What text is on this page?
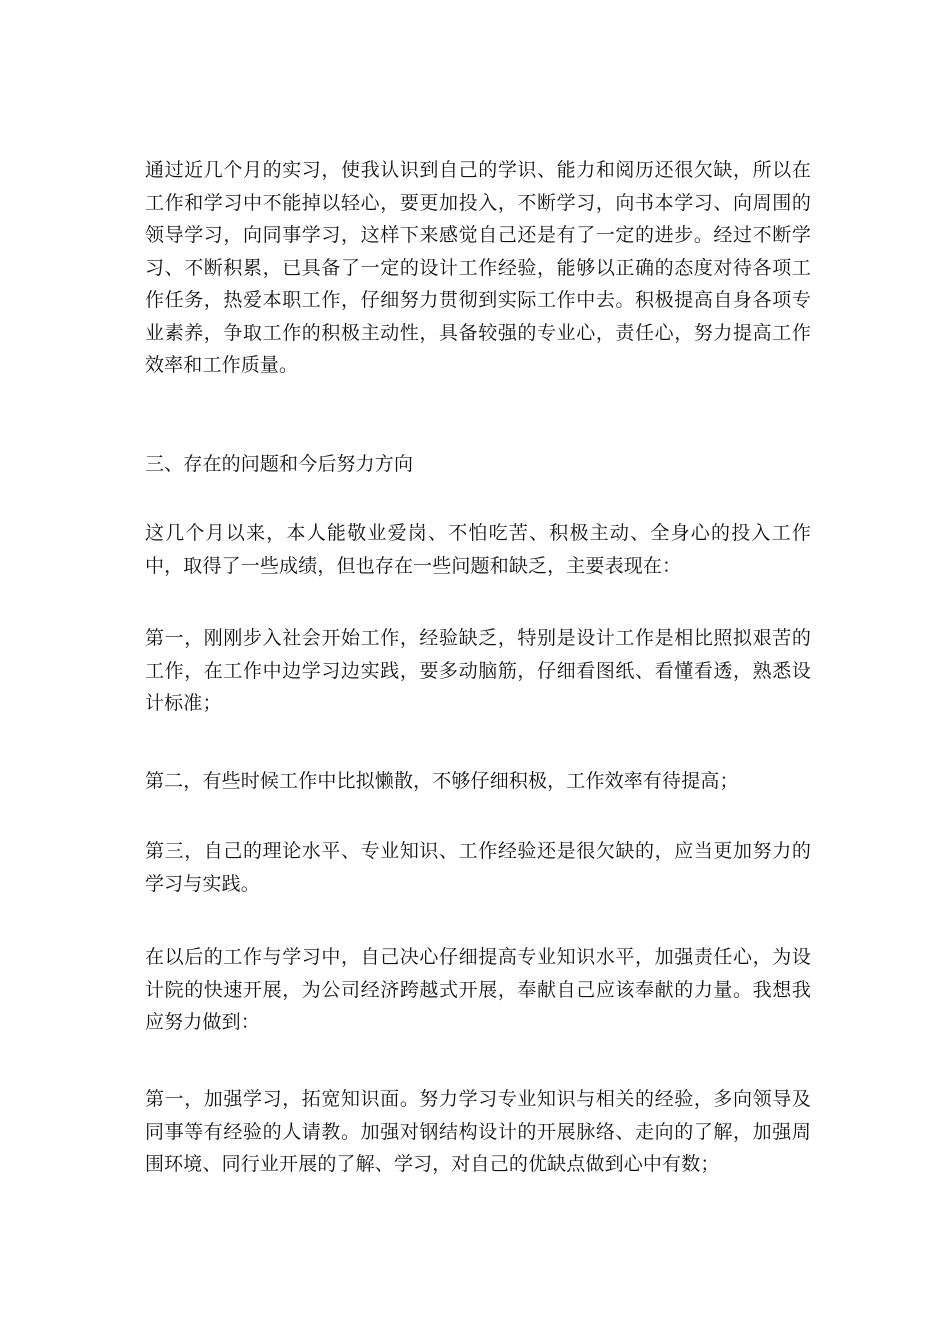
通过近几个月的实习，使我认识到自己的学识、能力和阅历还很欠缺，所以在工作和学习中不能掉以轻心，要更加投入，不断学习，向书本学习、向周围的领导学习，向同事学习，这样下来感觉自己还是有了一定的进步。经过不断学习、不断积累，已具备了一定的设计工作经验，能够以正确的态度对待各项工作任务，热爱本职工作，仔细努力贯彻到实际工作中去。积极提高自身各项专业素养，争取工作的积极主动性，具备较强的专业心，责任心，努力提高工作效率和工作质量。

三、存在的问题和今后努力方向

这几个月以来，本人能敬业爱岗、不怕吃苦、积极主动、全身心的投入工作中，取得了一些成绩，但也存在一些问题和缺乏，主要表现在：

第一，刚刚步入社会开始工作，经验缺乏，特别是设计工作是相比照拟艰苦的工作，在工作中边学习边实践，要多动脑筋，仔细看图纸、看懂看透，熟悉设计标准；

第二，有些时候工作中比拟懒散，不够仔细积极，工作效率有待提高；

第三，自己的理论水平、专业知识、工作经验还是很欠缺的，应当更加努力的学习与实践。

在以后的工作与学习中，自己决心仔细提高专业知识水平，加强责任心，为设计院的快速开展，为公司经济跨越式开展，奉献自己应该奉献的力量。我想我应努力做到：

第一，加强学习，拓宽知识面。努力学习专业知识与相关的经验，多向领导及同事等有经验的人请教。加强对钢结构设计的开展脉络、走向的了解，加强周围环境、同行业开展的了解、学习，对自己的优缺点做到心中有数；
